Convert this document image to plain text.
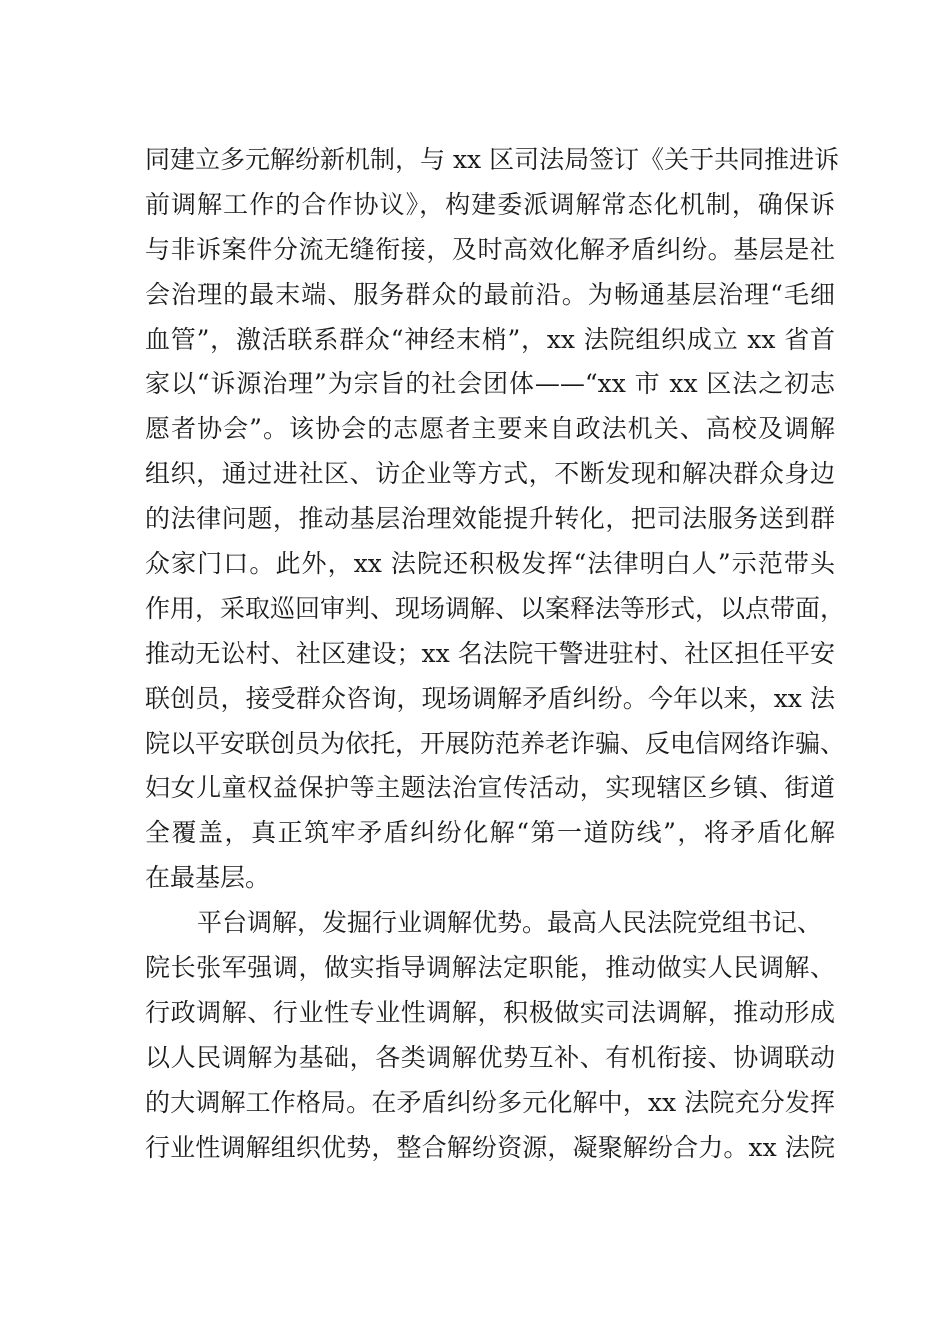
同建立多元解纷新机制，与 xx 区司法局签订《关于共同推进诉
前调解工作的合作协议》，构建委派调解常态化机制，确保诉
与非诉案件分流无缝衔接，及时高效化解矛盾纠纷。基层是社
会治理的最末端、服务群众的最前沿。为畅通基层治理“毛细
血管”，激活联系群众“神经末梢”，xx 法院组织成立 xx 省首
家以“诉源治理”为宗旨的社会团体——“xx 市 xx 区法之初志
愿者协会”。该协会的志愿者主要来自政法机关、高校及调解
组织，通过进社区、访企业等方式，不断发现和解决群众身边
的法律问题，推动基层治理效能提升转化，把司法服务送到群
众家门口。此外，xx 法院还积极发挥“法律明白人”示范带头
作用，采取巡回审判、现场调解、以案释法等形式，以点带面，
推动无讼村、社区建设；xx 名法院干警进驻村、社区担任平安
联创员，接受群众咨询，现场调解矛盾纠纷。今年以来，xx 法
院以平安联创员为依托，开展防范养老诈骗、反电信网络诈骗、
妇女儿童权益保护等主题法治宣传活动，实现辖区乡镇、街道
全覆盖，真正筑牢矛盾纠纷化解“第一道防线”，将矛盾化解
在最基层。
平台调解，发掘行业调解优势。最高人民法院党组书记、
院长张军强调，做实指导调解法定职能，推动做实人民调解、
行政调解、行业性专业性调解，积极做实司法调解，推动形成
以人民调解为基础，各类调解优势互补、有机衔接、协调联动
的大调解工作格局。在矛盾纠纷多元化解中，xx 法院充分发挥
行业性调解组织优势，整合解纷资源，凝聚解纷合力。xx 法院
